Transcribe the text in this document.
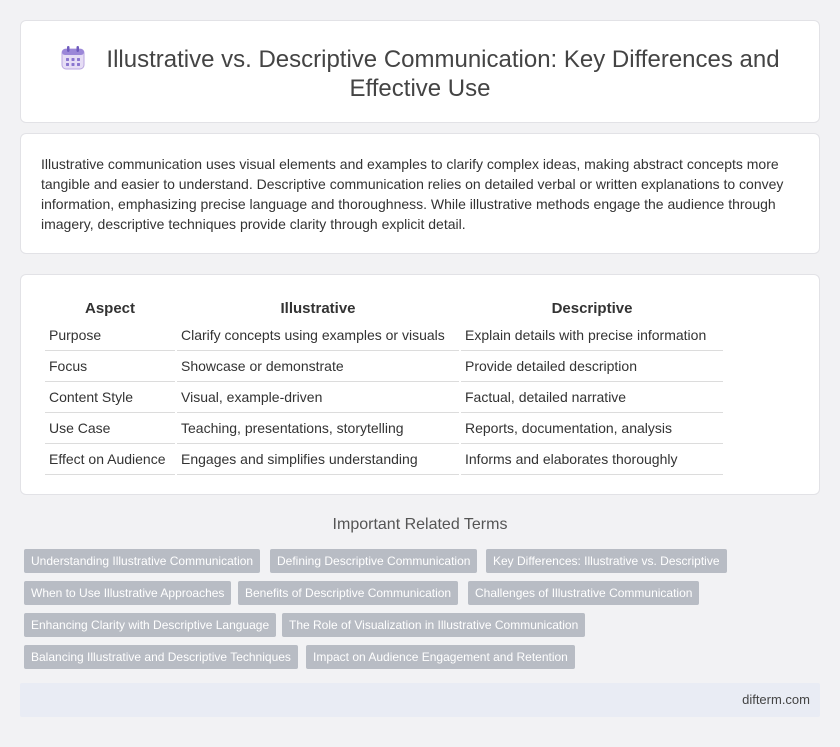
Illustrative vs. Descriptive Communication: Key Differences and Effective Use

Illustrative communication uses visual elements and examples to clarify complex ideas, making abstract concepts more tangible and easier to understand. Descriptive communication relies on detailed verbal or written explanations to convey information, emphasizing precise language and thoroughness. While illustrative methods engage the audience through imagery, descriptive techniques provide clarity through explicit detail.

Aspect	Illustrative	Descriptive
Purpose	Clarify concepts using examples or visuals	Explain details with precise information
Focus	Showcase or demonstrate	Provide detailed description
Content Style	Visual, example-driven	Factual, detailed narrative
Use Case	Teaching, presentations, storytelling	Reports, documentation, analysis
Effect on Audience	Engages and simplifies understanding	Informs and elaborates thoroughly
Important Related Terms
Understanding Illustrative Communication	Defining Descriptive Communication	Key Differences: Illustrative vs. Descriptive
When to Use Illustrative Approaches	Benefits of Descriptive Communication	Challenges of Illustrative Communication
Enhancing Clarity with Descriptive Language	The Role of Visualization in Illustrative Communication
Balancing Illustrative and Descriptive Techniques	Impact on Audience Engagement and Retention
difterm.com
